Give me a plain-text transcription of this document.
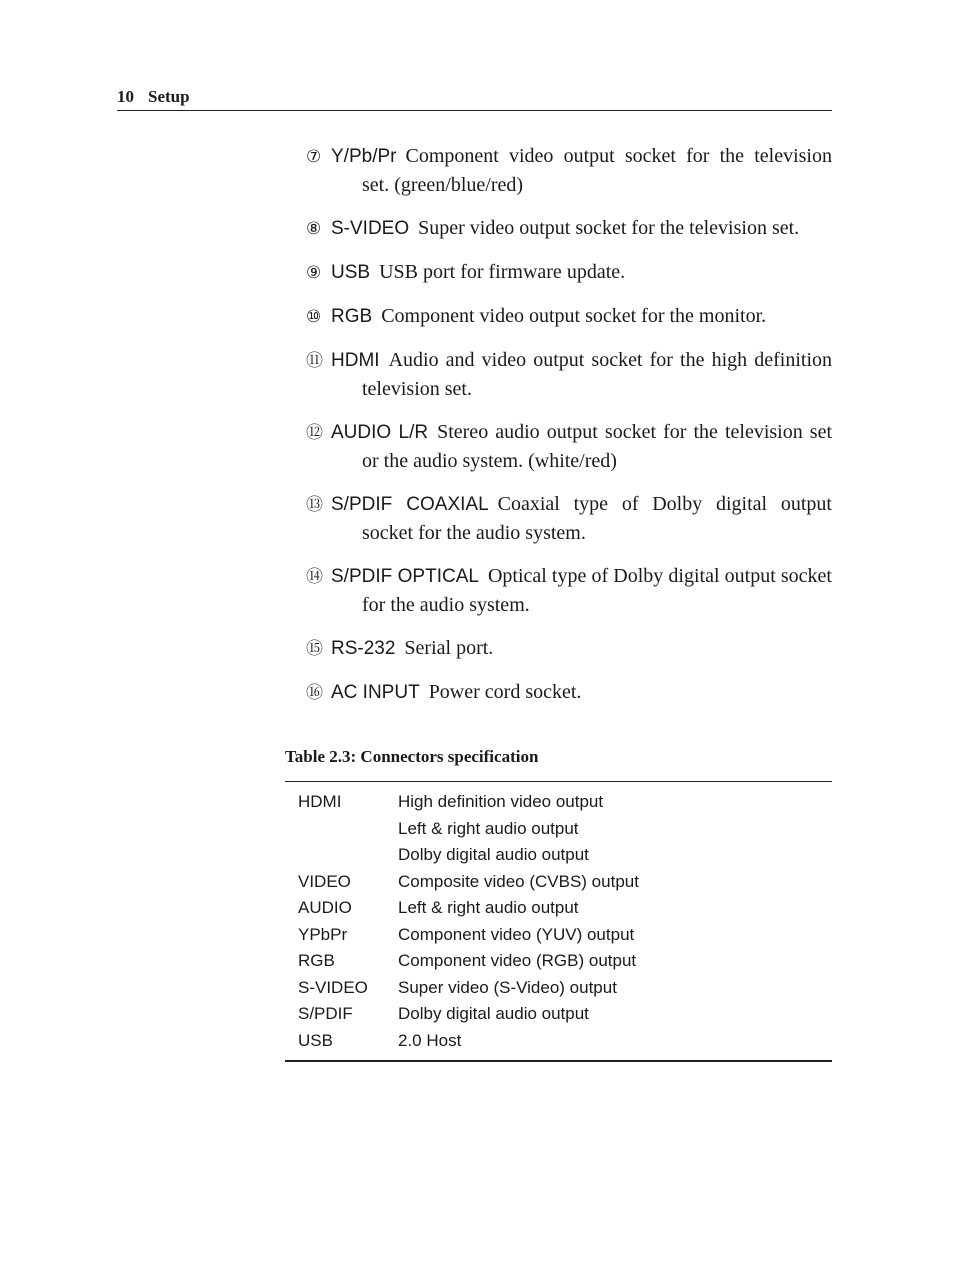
10 Setup
⑦ Y/Pb/Pr Component video output socket for the television set. (green/blue/red)
⑧ S-VIDEO Super video output socket for the television set.
⑨ USB USB port for firmware update.
⑩ RGB Component video output socket for the monitor.
⑪ HDMI Audio and video output socket for the high definition television set.
⑫ AUDIO L/R Stereo audio output socket for the television set or the audio system. (white/red)
⑬ S/PDIF COAXIAL Coaxial type of Dolby digital output socket for the audio system.
⑭ S/PDIF OPTICAL Optical type of Dolby digital output socket for the audio system.
⑮ RS-232 Serial port.
⑯ AC INPUT Power cord socket.
Table 2.3: Connectors specification
HDMI	High definition video output
Left & right audio output
Dolby digital audio output
VIDEO	Composite video (CVBS) output
AUDIO	Left & right audio output
YPbPr	Component video (YUV) output
RGB	Component video (RGB) output
S-VIDEO	Super video (S-Video) output
S/PDIF	Dolby digital audio output
USB	2.0 Host
